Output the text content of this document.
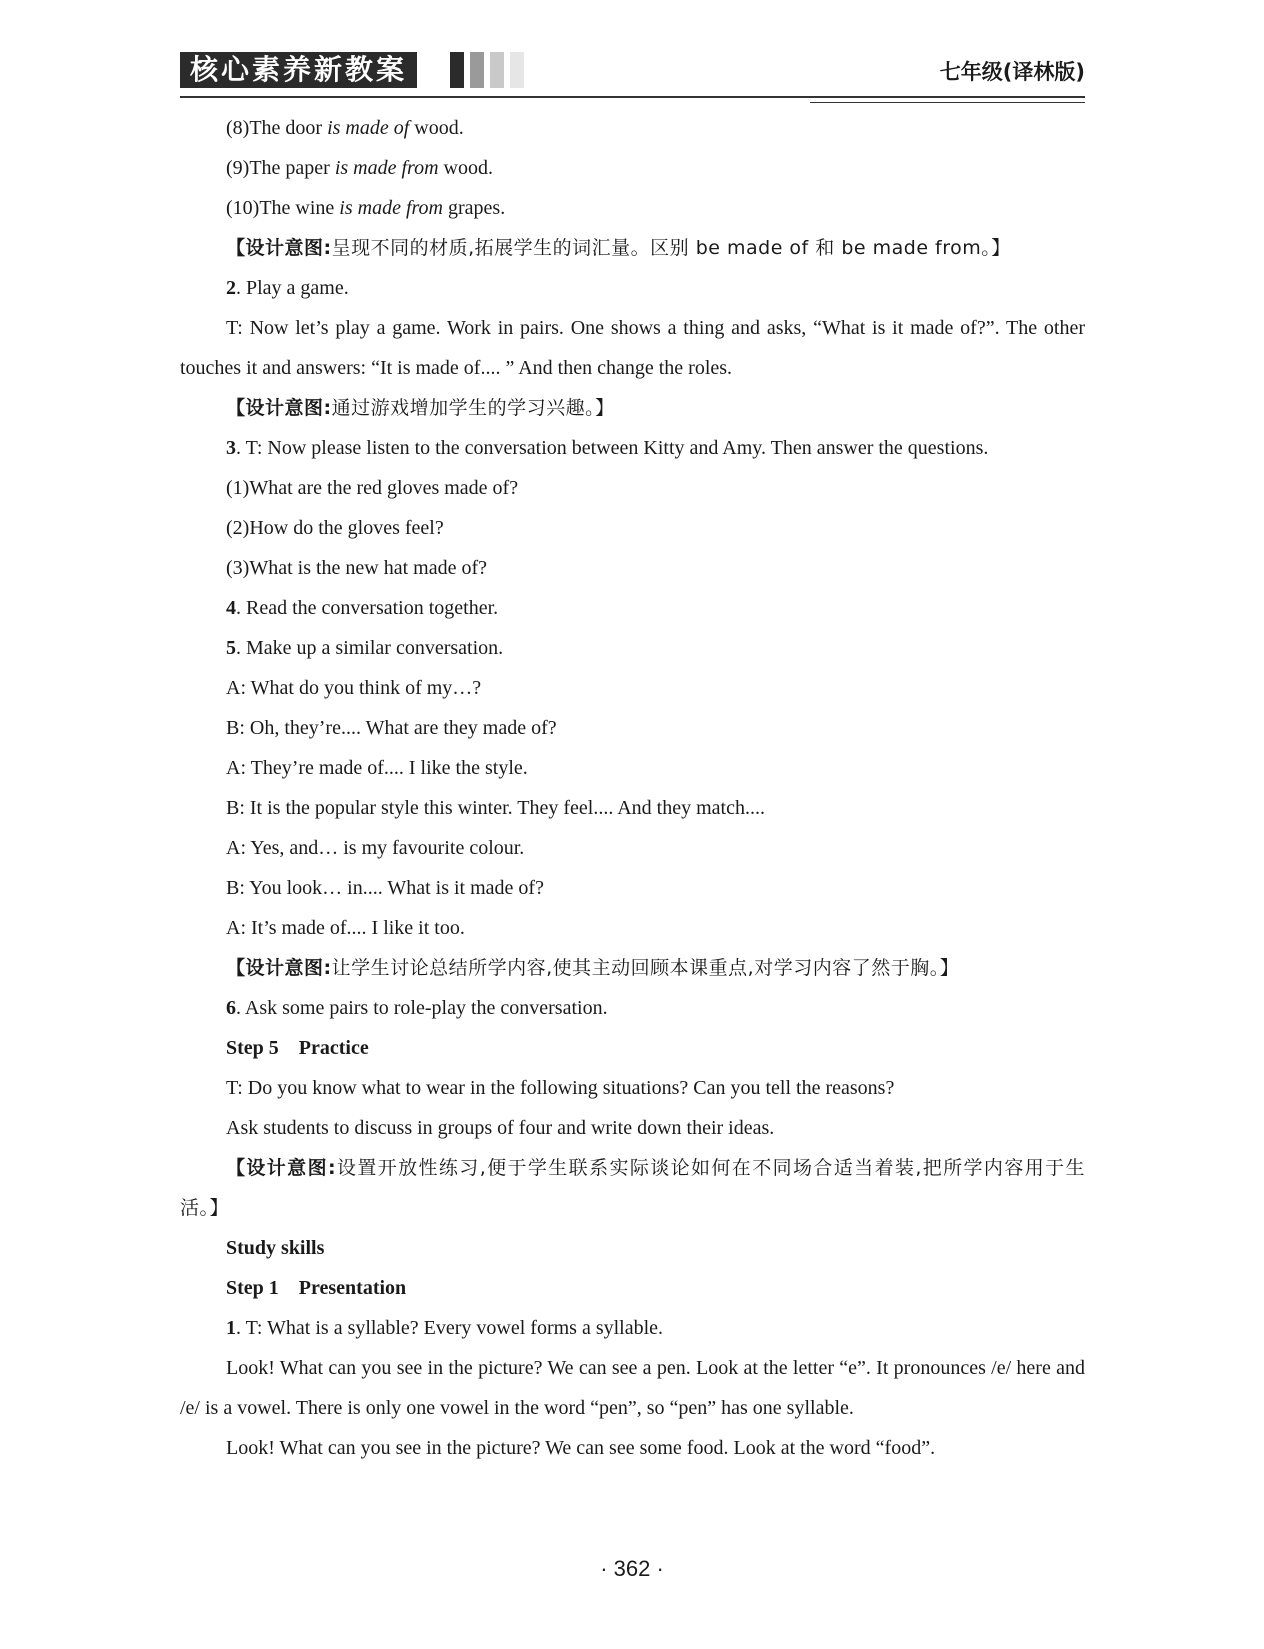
核心素养新教案	七年级(译林版)

(8)The door is made of wood.

(9)The paper is made from wood.

(10)The wine is made from grapes.

【设计意图:呈现不同的材质,拓展学生的词汇量。区别 be made of 和 be made from。】

2. Play a game.

T: Now let’s play a game. Work in pairs. One shows a thing and asks, “What is it made of?”. The other touches it and answers: “It is made of.... ” And then change the roles.

【设计意图:通过游戏增加学生的学习兴趣。】

3. T: Now please listen to the conversation between Kitty and Amy. Then answer the questions.

(1)What are the red gloves made of?

(2)How do the gloves feel?

(3)What is the new hat made of?

4. Read the conversation together.

5. Make up a similar conversation.

A: What do you think of my…?

B: Oh, they’re.... What are they made of?

A: They’re made of.... I like the style.

B: It is the popular style this winter. They feel.... And they match....

A: Yes, and… is my favourite colour.

B: You look… in.... What is it made of?

A: It’s made of.... I like it too.

【设计意图:让学生讨论总结所学内容,使其主动回顾本课重点,对学习内容了然于胸。】

6. Ask some pairs to role-play the conversation.

Step 5　Practice

T: Do you know what to wear in the following situations? Can you tell the reasons?

Ask students to discuss in groups of four and write down their ideas.

【设计意图:设置开放性练习,便于学生联系实际谈论如何在不同场合适当着装,把所学内容用于生活。】

Study skills

Step 1　Presentation

1. T: What is a syllable? Every vowel forms a syllable.

Look! What can you see in the picture? We can see a pen. Look at the letter “e”. It pronounces /e/ here and /e/ is a vowel. There is only one vowel in the word “pen”, so “pen” has one syllable.

Look! What can you see in the picture? We can see some food. Look at the word “food”.

· 362 ·
